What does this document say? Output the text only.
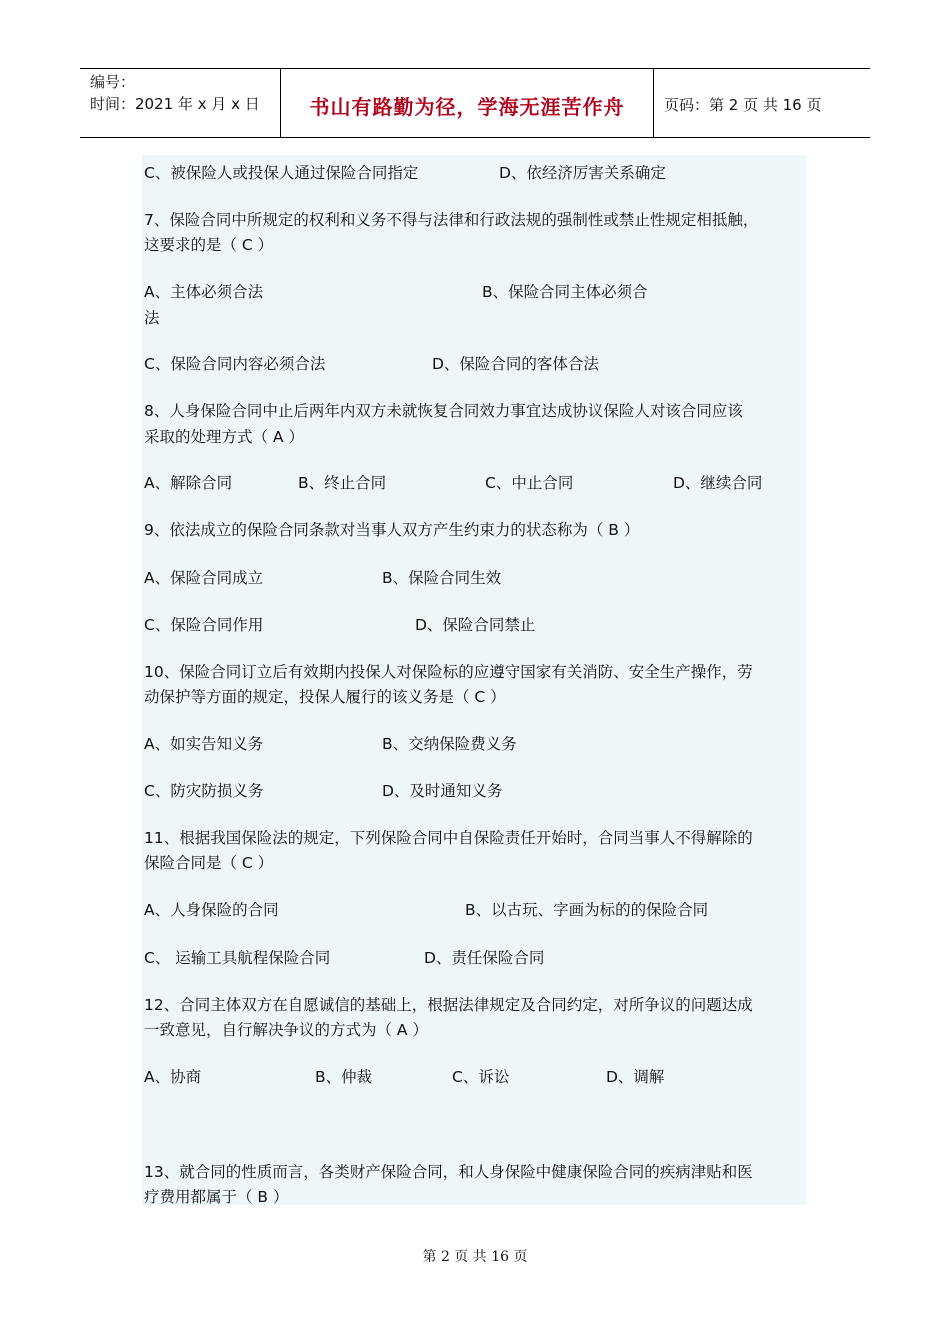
编号：
时间：2021 年 x 月 x 日	书山有路勤为径，学海无涯苦作舟	页码：第 2 页 共 16 页
C、被保险人或投保人通过保险合同指定	D、依经济厉害关系确定
7、保险合同中所规定的权利和义务不得与法律和行政法规的强制性或禁止性规定相抵触，
这要求的是（ C ）
A、主体必须合法	B、保险合同主体必须合
法
C、保险合同内容必须合法	D、保险合同的客体合法
8、人身保险合同中止后两年内双方未就恢复合同效力事宜达成协议保险人对该合同应该
采取的处理方式（ A ）
A、解除合同	B、终止合同	C、中止合同	D、继续合同
9、依法成立的保险合同条款对当事人双方产生约束力的状态称为（ B ）
A、保险合同成立	B、保险合同生效
C、保险合同作用	D、保险合同禁止
10、保险合同订立后有效期内投保人对保险标的应遵守国家有关消防、安全生产操作，劳
动保护等方面的规定，投保人履行的该义务是（ C ）
A、如实告知义务	B、交纳保险费义务
C、防灾防损义务	D、及时通知义务
11、根据我国保险法的规定，下列保险合同中自保险责任开始时，合同当事人不得解除的
保险合同是（ C ）
A、人身保险的合同	B、以古玩、字画为标的的保险合同
C、 运输工具航程保险合同	D、责任保险合同
12、合同主体双方在自愿诚信的基础上，根据法律规定及合同约定，对所争议的问题达成
一致意见，自行解决争议的方式为（ A ）
A、协商	B、仲裁	C、诉讼	D、调解
13、就合同的性质而言，各类财产保险合同，和人身保险中健康保险合同的疾病津贴和医
疗费用都属于（ B ）
第 2 页 共 16 页
